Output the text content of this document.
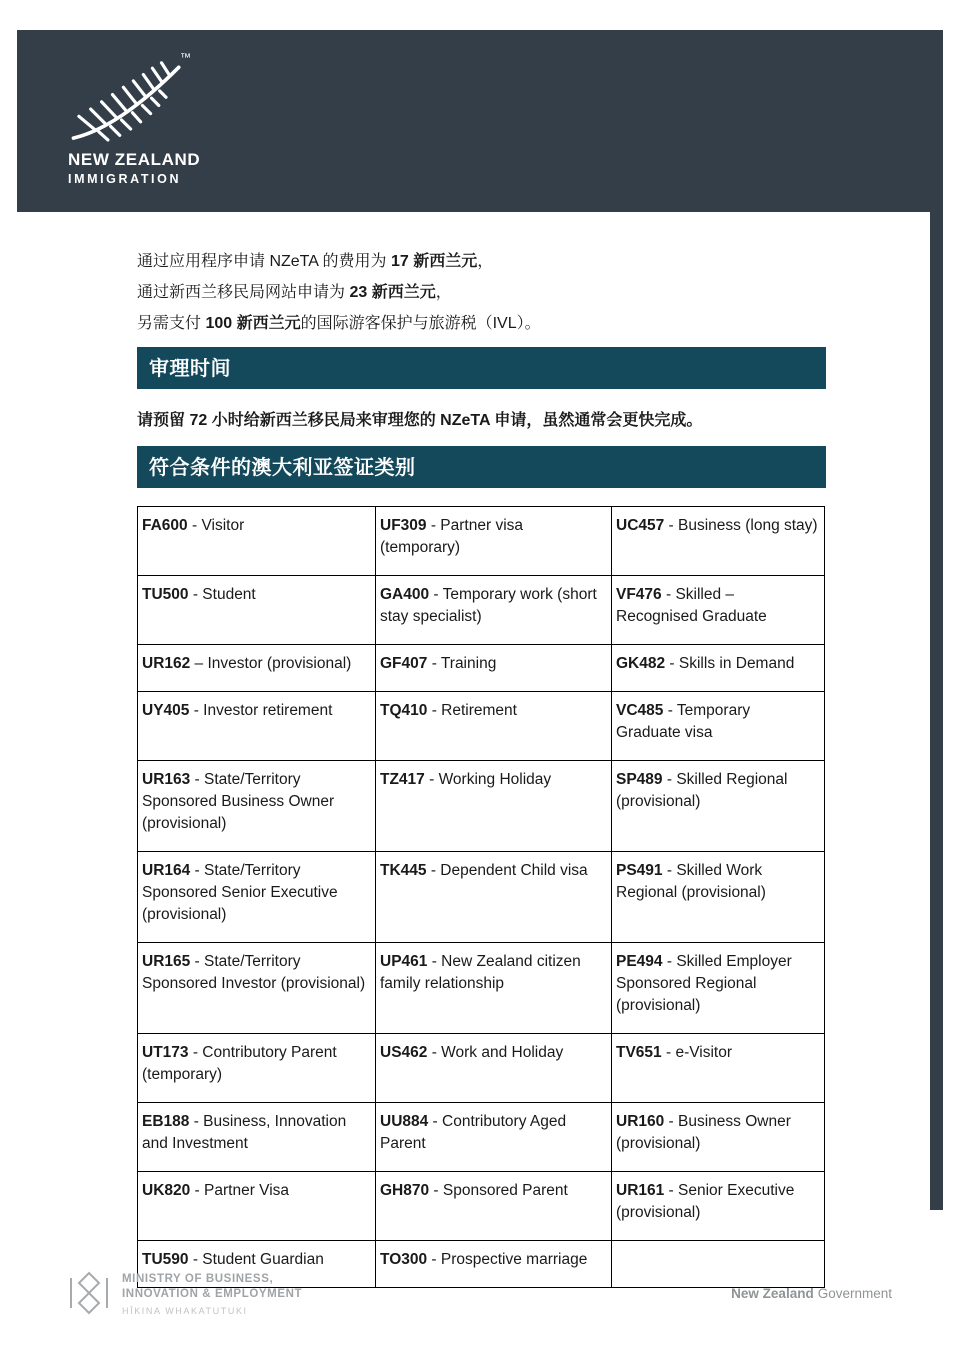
™
NEW ZEALAND
IMMIGRATION

通过应用程序申请 NZeTA 的费用为 17 新西兰元，

通过新西兰移民局网站申请为 23 新西兰元，

另需支付 100 新西兰元的国际游客保护与旅游税（IVL）。

审理时间

请预留 72 小时给新西兰移民局来审理您的 NZeTA 申请，虽然通常会更快完成。

符合条件的澳大利亚签证类别
FA600 - Visitor	UF309 - Partner visa (temporary)	UC457 - Business (long stay)
TU500 - Student	GA400 - Temporary work (short stay specialist)	VF476 - Skilled – Recognised Graduate
UR162 – Investor (provisional)	GF407 - Training	GK482 - Skills in Demand
UY405 - Investor retirement	TQ410 - Retirement	VC485 - Temporary Graduate visa
UR163 - State/Territory Sponsored Business Owner (provisional)	TZ417 - Working Holiday	SP489 - Skilled Regional (provisional)
UR164 - State/Territory Sponsored Senior Executive (provisional)	TK445 - Dependent Child visa	PS491 - Skilled Work Regional (provisional)
UR165 - State/Territory Sponsored Investor (provisional)	UP461 - New Zealand citizen family relationship	PE494 - Skilled Employer Sponsored Regional (provisional)
UT173 - Contributory Parent (temporary)	US462 - Work and Holiday	TV651 - e-Visitor
EB188 - Business, Innovation and Investment	UU884 - Contributory Aged Parent	UR160 - Business Owner (provisional)
UK820 - Partner Visa	GH870 - Sponsored Parent	UR161 - Senior Executive (provisional)
TU590 - Student Guardian	TO300 - Prospective marriage	
MINISTRY OF BUSINESS,
INNOVATION & EMPLOYMENT
HĪKINA WHAKATUTUKI
New Zealand Government
